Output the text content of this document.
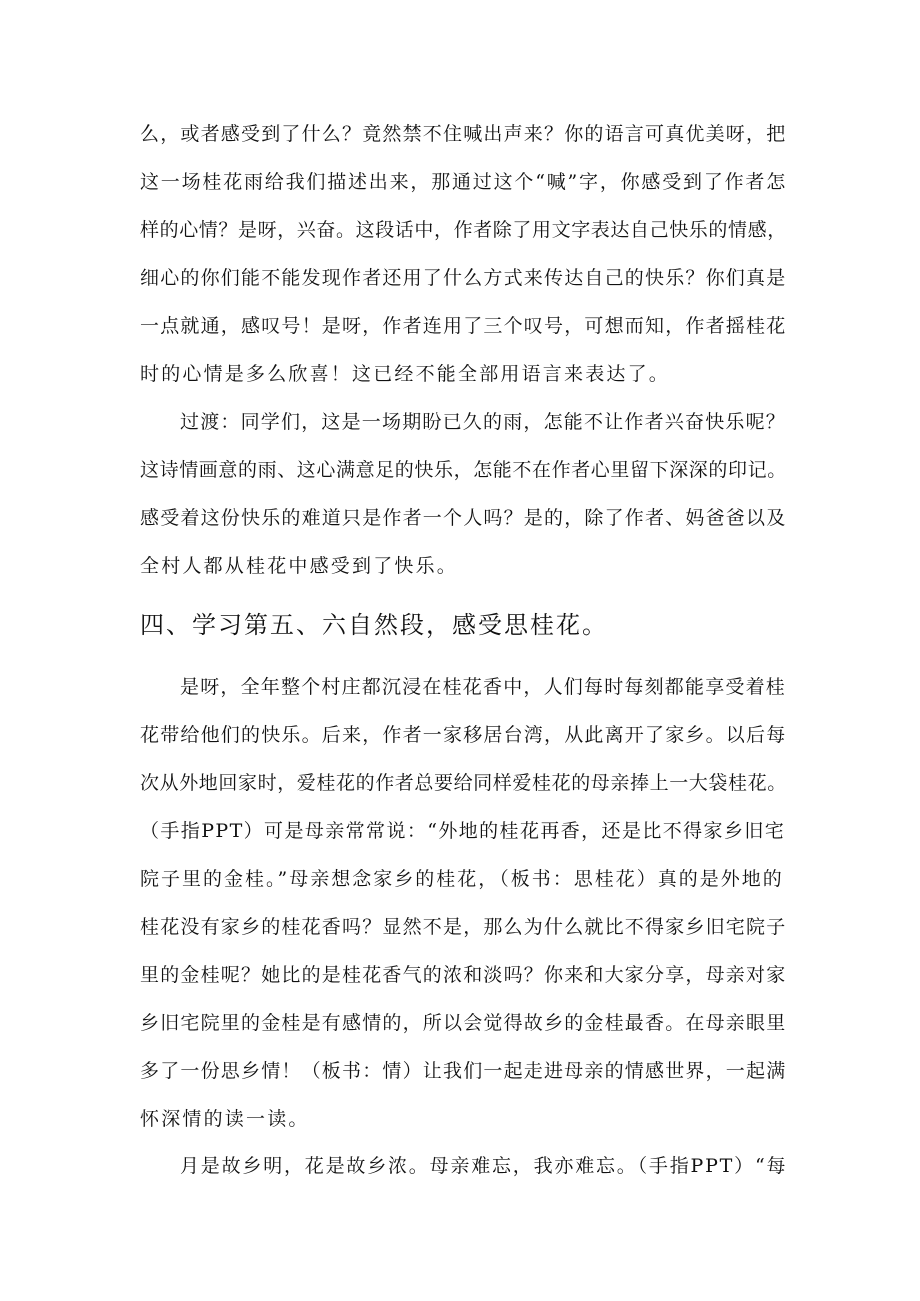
么，或者感受到了什么？竟然禁不住喊出声来？你的语言可真优美呀，把
这一场桂花雨给我们描述出来，那通过这个“喊”字，你感受到了作者怎
样的心情？是呀，兴奋。这段话中，作者除了用文字表达自己快乐的情感，
细心的你们能不能发现作者还用了什么方式来传达自己的快乐？你们真是
一点就通，感叹号！是呀，作者连用了三个叹号，可想而知，作者摇桂花
时的心情是多么欣喜！这已经不能全部用语言来表达了。
过渡：同学们，这是一场期盼已久的雨，怎能不让作者兴奋快乐呢？
这诗情画意的雨、这心满意足的快乐，怎能不在作者心里留下深深的印记。
感受着这份快乐的难道只是作者一个人吗？是的，除了作者、妈爸爸以及
全村人都从桂花中感受到了快乐。
四、学习第五、六自然段，感受思桂花。
是呀，全年整个村庄都沉浸在桂花香中，人们每时每刻都能享受着桂
花带给他们的快乐。后来，作者一家移居台湾，从此离开了家乡。以后每
次从外地回家时，爱桂花的作者总要给同样爱桂花的母亲捧上一大袋桂花。
（手指PPT）可是母亲常常说：“外地的桂花再香，还是比不得家乡旧宅
院子里的金桂。”母亲想念家乡的桂花，（板书：思桂花）真的是外地的
桂花没有家乡的桂花香吗？显然不是，那么为什么就比不得家乡旧宅院子
里的金桂呢？她比的是桂花香气的浓和淡吗？你来和大家分享，母亲对家
乡旧宅院里的金桂是有感情的，所以会觉得故乡的金桂最香。在母亲眼里
多了一份思乡情！（板书：情）让我们一起走进母亲的情感世界，一起满
怀深情的读一读。
月是故乡明，花是故乡浓。母亲难忘，我亦难忘。（手指PPT）“每
